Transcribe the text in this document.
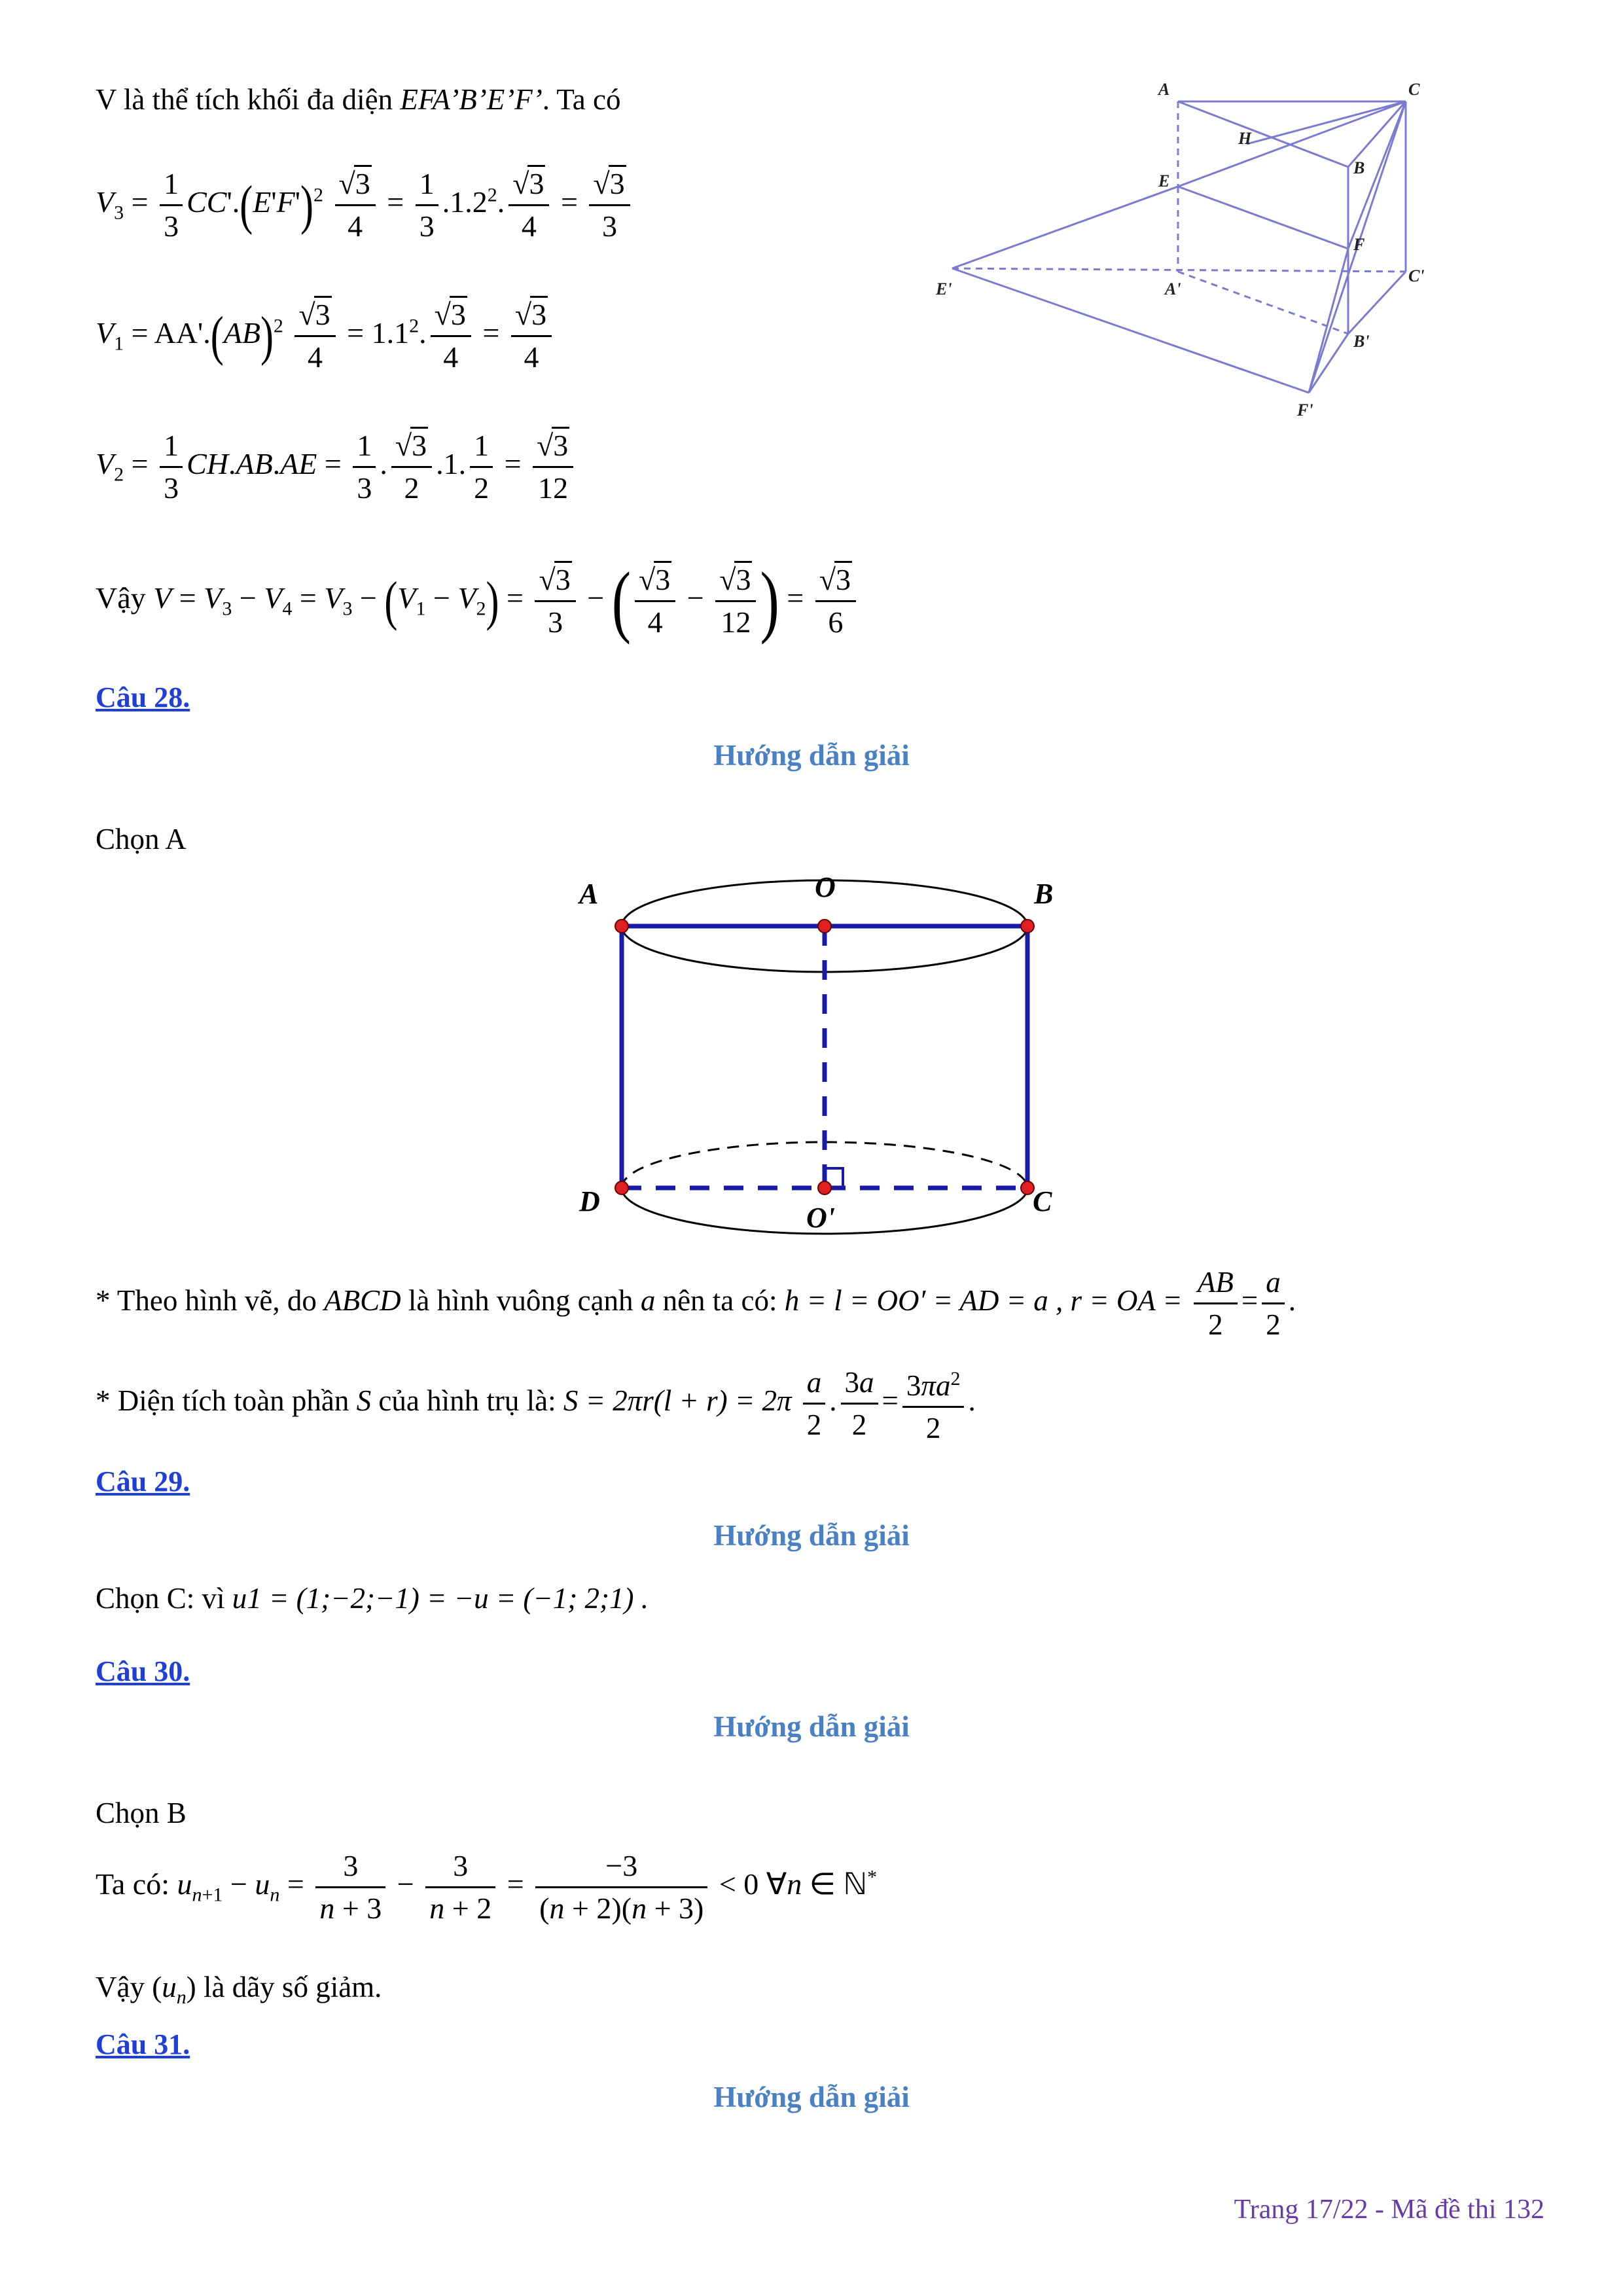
V là thể tích khối đa diện EFA’B’E’F’. Ta có
$V_3 = \frac{1}{3} CC'.(E'F')^2 \frac{√3}{4} = \frac{1}{3} .1.2^2$. $\frac{√3}{4} = \frac{√3}{3}$
$V_1 = AA'.(AB)^2 \frac{√3}{4} = 1.1^2$. $\frac{√3}{4} = \frac{√3}{4}$
$V_2 = \frac{1}{3} CH.AB.AE = \frac{1}{3}$ . $\frac{√3}{2} .1$. $\frac{1}{2} = \frac{√3}{12}$
Vậy $V = V_3 - V_4 = V_3 - (V_1 - V_2) = \frac{√3}{3}$ − ( $\frac{√3}{4} - \frac{√3}{12}$ ) = $\frac{√3}{6}$
A	C
H
B
E
F
E'	A'
C'
B'
F'
Câu 28.
Hướng dẫn giải
Chọn A
A	O	B
D
O'
C
* Theo hình vẽ, do ABCD là hình vuông cạnh a nên ta có: h = l = OO′ = AD = a , r = OA = $\frac{AB}{2} = \frac{a}{2}$ .
* Diện tích toàn phần S của hình trụ là: $S = 2\pi r(l + r) = 2\pi \frac{a}{2}$ . $\frac{3a}{2} = \frac{3\pi a^2}{2}$ .
Câu 29.
Hướng dẫn giải
Chọn C: vì u1 = (1;−2;−1) = −u = (−1; 2;1) .
Câu 30.
Hướng dẫn giải
Chọn B
Ta có: $u_{n+1} - u_n = \frac{3}{n + 3} - \frac{3}{n + 2} = \frac{-3}{(n + 2)(n + 3)} < 0$ ∀n ∈ ℕ*
Vậy $(u_n)$ là dãy số giảm.
Câu 31.
Hướng dẫn giải
Trang 17/22 - Mã đề thi 132
